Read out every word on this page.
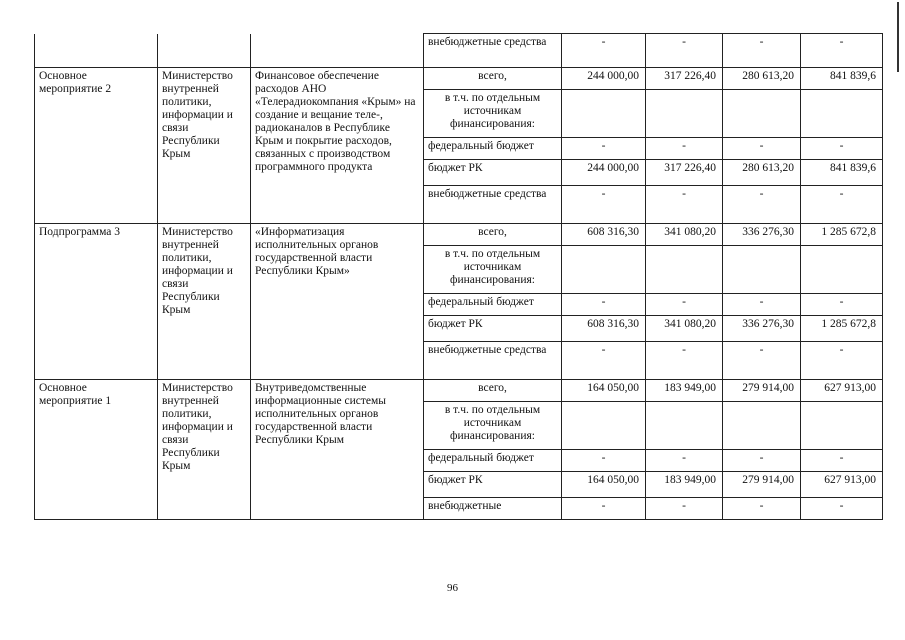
			внебюджетные средства	-	-	-	-
Основное мероприятие 2	Министерство внутренней политики, информации и связи Республики Крым	Финансовое обеспечение расходов АНО «Телерадиокомпания «Крым» на создание и вещание теле-, радиоканалов в Республике Крым и покрытие расходов, связанных с производством программного продукта	всего,	244 000,00	317 226,40	280 613,20	841 839,6
			в т.ч. по отдельным источникам финансирования:				
			федеральный бюджет	-	-	-	-
			бюджет РК	244 000,00	317 226,40	280 613,20	841 839,6
			внебюджетные средства	-	-	-	-
Подпрограмма 3	Министерство внутренней политики, информации и связи Республики Крым	«Информатизация исполнительных органов государственной власти Республики Крым»	всего,	608 316,30	341 080,20	336 276,30	1 285 672,8
			в т.ч. по отдельным источникам финансирования:				
			федеральный бюджет	-	-	-	-
			бюджет РК	608 316,30	341 080,20	336 276,30	1 285 672,8
			внебюджетные средства	-	-	-	-
Основное мероприятие 1	Министерство внутренней политики, информации и связи Республики Крым	Внутриведомственные информационные системы исполнительных органов государственной власти Республики Крым	всего,	164 050,00	183 949,00	279 914,00	627 913,00
			в т.ч. по отдельным источникам финансирования:				
			федеральный бюджет	-	-	-	-
			бюджет РК	164 050,00	183 949,00	279 914,00	627 913,00
			внебюджетные	-	-	-	-
96
